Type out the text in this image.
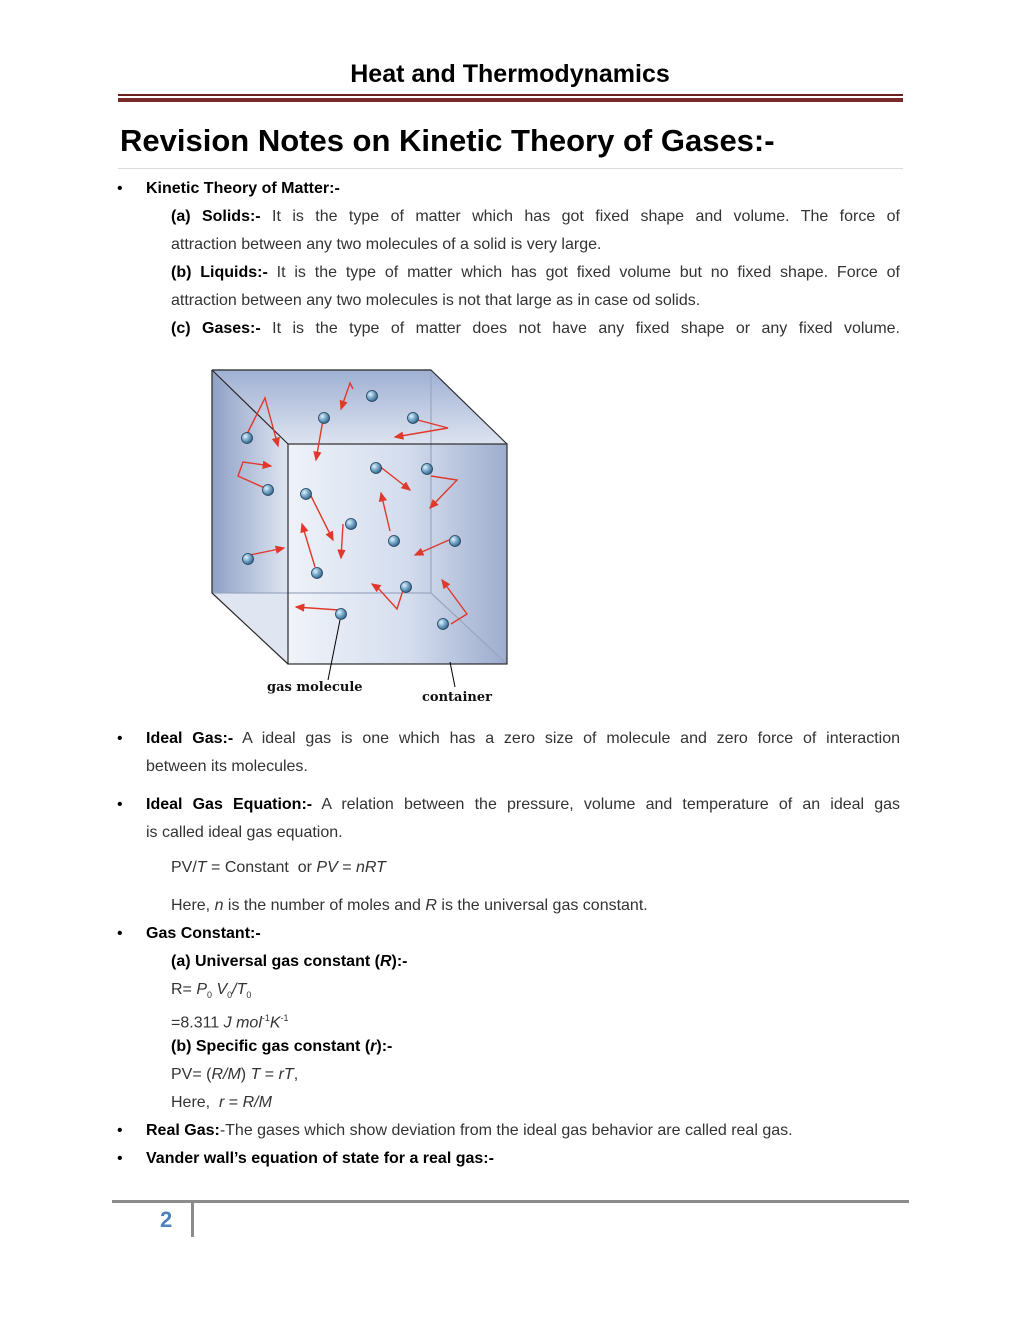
Heat and Thermodynamics
Revision Notes on Kinetic Theory of Gases:-
• Kinetic Theory of Matter:-
(a) Solids:- It is the type of matter which has got fixed shape and volume. The force of
attraction between any two molecules of a solid is very large.
(b) Liquids:- It is the type of matter which has got fixed volume but no fixed shape. Force of
attraction between any two molecules is not that large as in case od solids.
(c) Gases:- It is the type of matter does not have any fixed shape or any fixed volume.
gas molecule
container
• Ideal Gas:- A ideal gas is one which has a zero size of molecule and zero force of interaction
between its molecules.
• Ideal Gas Equation:- A relation between the pressure, volume and temperature of an ideal gas
is called ideal gas equation.
PV/T = Constant  or PV = nRT
Here, n is the number of moles and R is the universal gas constant.
• Gas Constant:-
(a) Universal gas constant (R):-
$R= P_0$ $V_0/T_0$
=8.311 J $mol^{-1}K^{-1}$
(b) Specific gas constant (r):-
PV= (R/M) T = rT,
Here,  r = R/M
• Real Gas:-The gases which show deviation from the ideal gas behavior are called real gas.
• Vander wall’s equation of state for a real gas:-
2
